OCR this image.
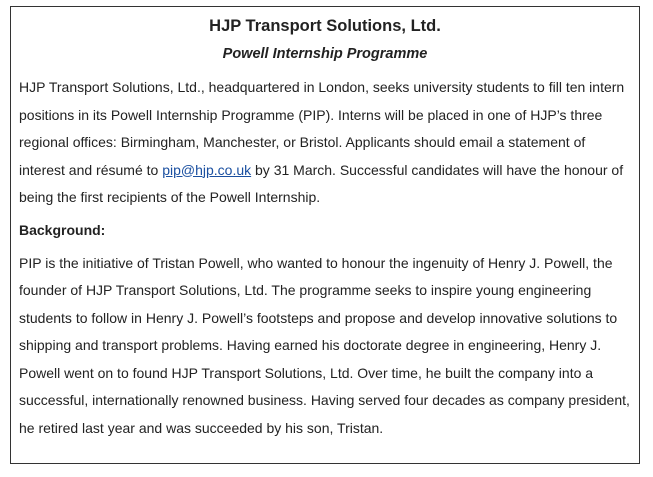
HJP Transport Solutions, Ltd.
Powell Internship Programme

HJP Transport Solutions, Ltd., headquartered in London, seeks university students to fill ten intern positions in its Powell Internship Programme (PIP). Interns will be placed in one of HJP’s three regional offices: Birmingham, Manchester, or Bristol. Applicants should email a statement of interest and résumé to pip@hjp.co.uk by 31 March. Successful candidates will have the honour of being the first recipients of the Powell Internship.

Background:

PIP is the initiative of Tristan Powell, who wanted to honour the ingenuity of Henry J. Powell, the founder of HJP Transport Solutions, Ltd. The programme seeks to inspire young engineering students to follow in Henry J. Powell’s footsteps and propose and develop innovative solutions to shipping and transport problems. Having earned his doctorate degree in engineering, Henry J. Powell went on to found HJP Transport Solutions, Ltd. Over time, he built the company into a successful, internationally renowned business. Having served four decades as company president, he retired last year and was succeeded by his son, Tristan.
